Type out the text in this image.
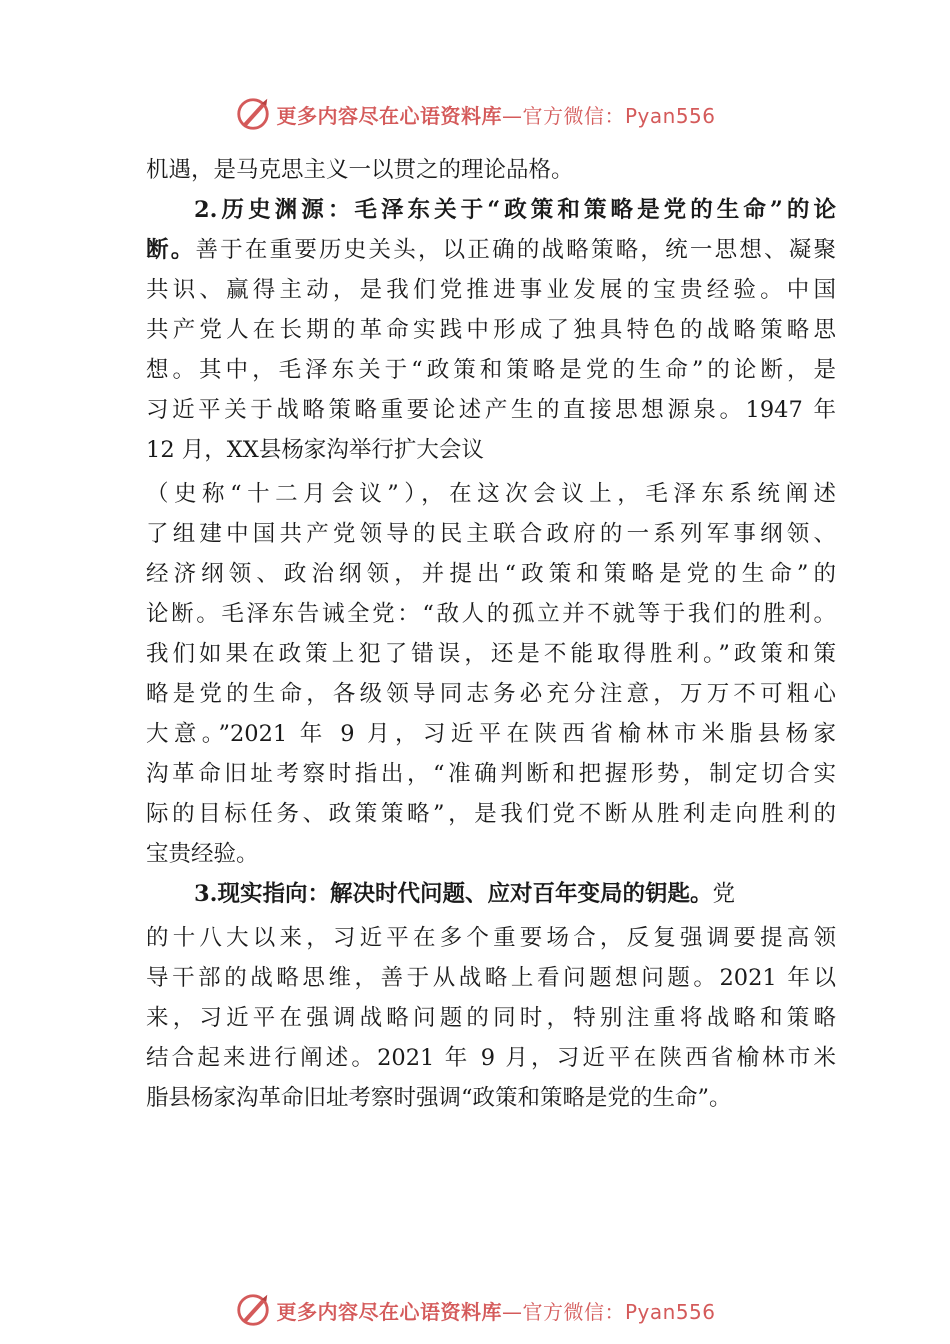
更多内容尽在心语资料库—官方微信：Pyan556
机遇，是马克思主义一以贯之的理论品格。
2.历史渊源：毛泽东关于“政策和策略是党的生命”的论
断。善于在重要历史关头，以正确的战略策略，统一思想、凝聚
共识、赢得主动，是我们党推进事业发展的宝贵经验。中国
共产党人在长期的革命实践中形成了独具特色的战略策略思
想。其中，毛泽东关于“政策和策略是党的生命”的论断，是
习近平关于战略策略重要论述产生的直接思想源泉。1947 年
12 月，XX县杨家沟举行扩大会议
（史称“十二月会议”），在这次会议上，毛泽东系统阐述
了组建中国共产党领导的民主联合政府的一系列军事纲领、
经济纲领、政治纲领，并提出“政策和策略是党的生命”的
论断。毛泽东告诫全党：“敌人的孤立并不就等于我们的胜利。
我们如果在政策上犯了错误，还是不能取得胜利。”政策和策
略是党的生命，各级领导同志务必充分注意，万万不可粗心
大意。”2021 年 9 月，习近平在陕西省榆林市米脂县杨家
沟革命旧址考察时指出，“准确判断和把握形势，制定切合实
际的目标任务、政策策略”，是我们党不断从胜利走向胜利的
宝贵经验。
3.现实指向：解决时代问题、应对百年变局的钥匙。党
的十八大以来，习近平在多个重要场合，反复强调要提高领
导干部的战略思维，善于从战略上看问题想问题。2021 年以
来，习近平在强调战略问题的同时，特别注重将战略和策略
结合起来进行阐述。2021 年 9 月，习近平在陕西省榆林市米
脂县杨家沟革命旧址考察时强调“政策和策略是党的生命”。
更多内容尽在心语资料库—官方微信：Pyan556
